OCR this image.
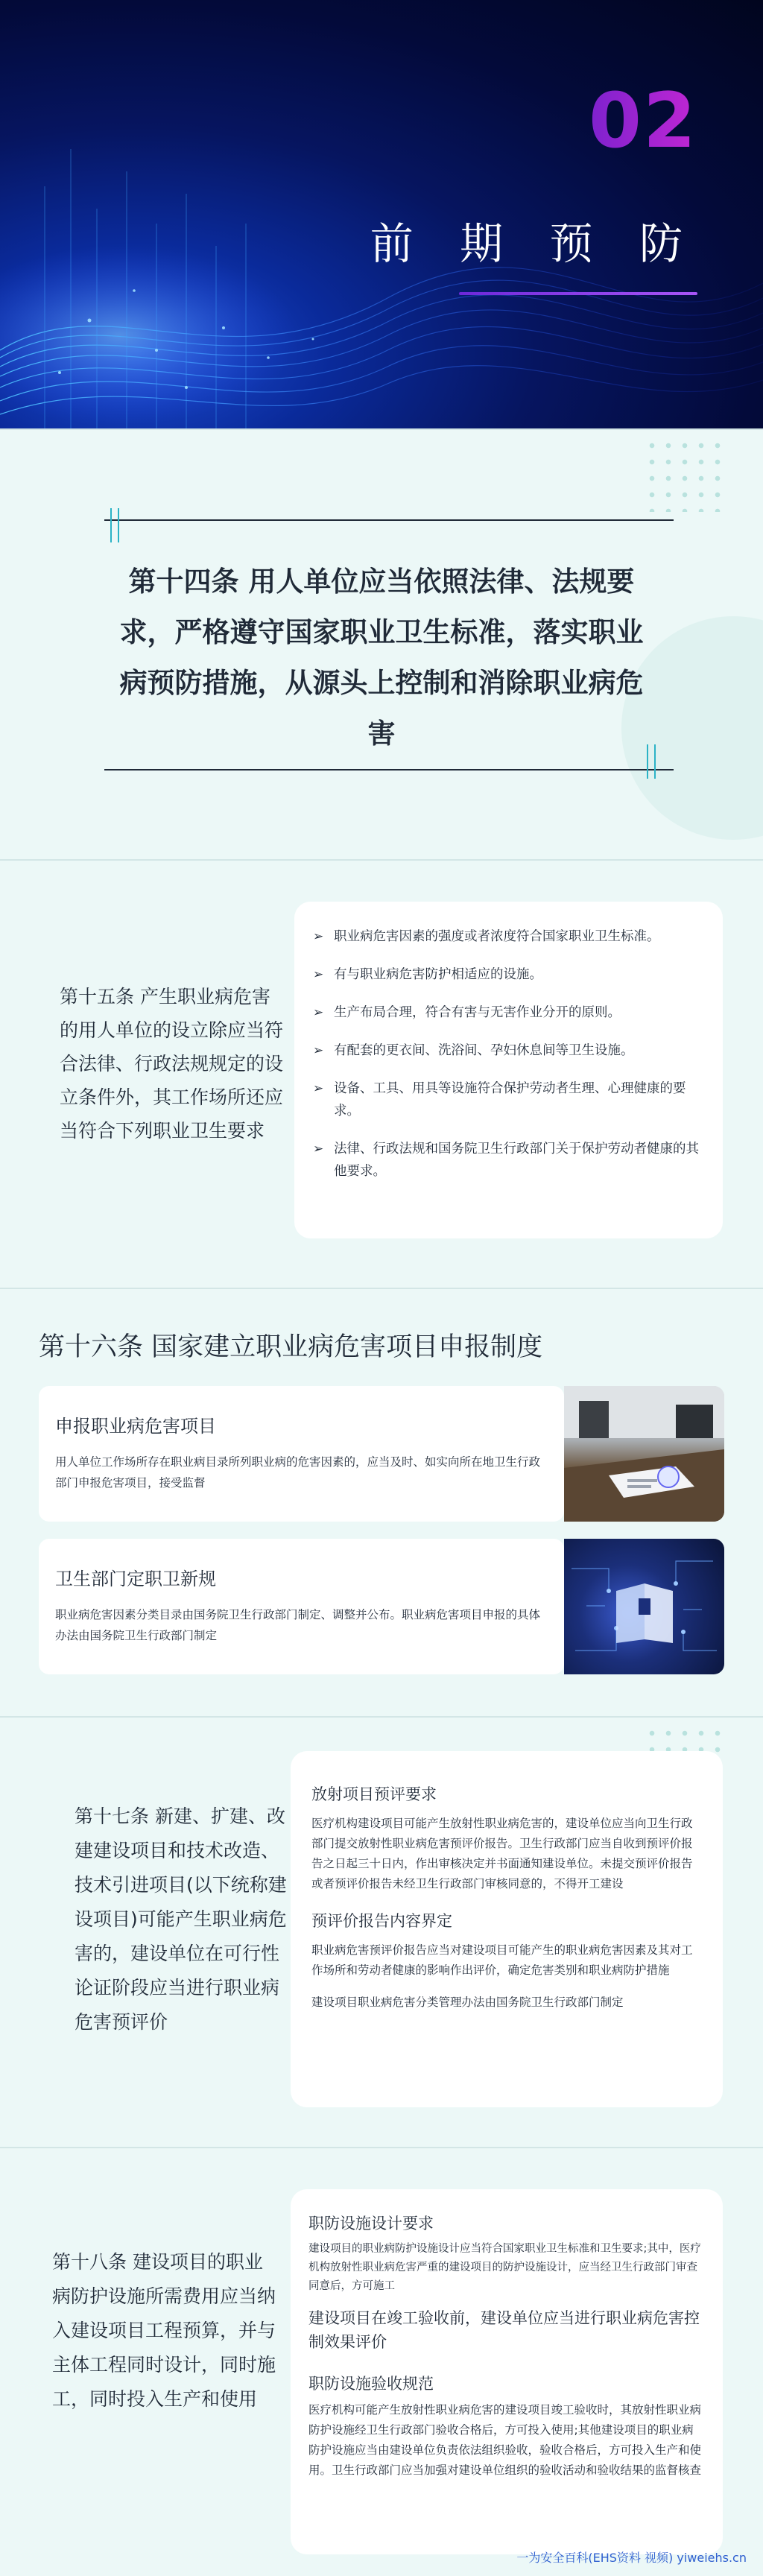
02
前 期 预 防
第十四条 用人单位应当依照法律、法规要求，严格遵守国家职业卫生标准，落实职业病预防措施，从源头上控制和消除职业病危害
第十五条 产生职业病危害的用人单位的设立除应当符合法律、行政法规规定的设立条件外，其工作场所还应当符合下列职业卫生要求
➢ 职业病危害因素的强度或者浓度符合国家职业卫生标准。
➢ 有与职业病危害防护相适应的设施。
➢ 生产布局合理，符合有害与无害作业分开的原则。
➢ 有配套的更衣间、洗浴间、孕妇休息间等卫生设施。
➢ 设备、工具、用具等设施符合保护劳动者生理、心理健康的要求。
➢ 法律、行政法规和国务院卫生行政部门关于保护劳动者健康的其他要求。
第十六条 国家建立职业病危害项目申报制度
申报职业病危害项目

用人单位工作场所存在职业病目录所列职业病的危害因素的，应当及时、如实向所在地卫生行政部门申报危害项目，接受监督

卫生部门定职卫新规

职业病危害因素分类目录由国务院卫生行政部门制定、调整并公布。职业病危害项目申报的具体办法由国务院卫生行政部门制定

第十七条 新建、扩建、改建建设项目和技术改造、技术引进项目(以下统称建设项目)可能产生职业病危害的，建设单位在可行性论证阶段应当进行职业病危害预评价
放射项目预评要求
医疗机构建设项目可能产生放射性职业病危害的，建设单位应当向卫生行政部门提交放射性职业病危害预评价报告。卫生行政部门应当自收到预评价报告之日起三十日内，作出审核决定并书面通知建设单位。未提交预评价报告或者预评价报告未经卫生行政部门审核同意的，不得开工建设
预评价报告内容界定
职业病危害预评价报告应当对建设项目可能产生的职业病危害因素及其对工作场所和劳动者健康的影响作出评价，确定危害类别和职业病防护措施
建设项目职业病危害分类管理办法由国务院卫生行政部门制定
第十八条 建设项目的职业病防护设施所需费用应当纳入建设项目工程预算，并与主体工程同时设计，同时施工，同时投入生产和使用
职防设施设计要求
建设项目的职业病防护设施设计应当符合国家职业卫生标准和卫生要求;其中，医疗机构放射性职业病危害严重的建设项目的防护设施设计，应当经卫生行政部门审查同意后，方可施工
建设项目在竣工验收前，建设单位应当进行职业病危害控制效果评价
职防设施验收规范
医疗机构可能产生放射性职业病危害的建设项目竣工验收时，其放射性职业病防护设施经卫生行政部门验收合格后，方可投入使用;其他建设项目的职业病防护设施应当由建设单位负责依法组织验收，验收合格后，方可投入生产和使用。卫生行政部门应当加强对建设单位组织的验收活动和验收结果的监督核查
一为安全百科(EHS资料 视频) yiweiehs.cn
